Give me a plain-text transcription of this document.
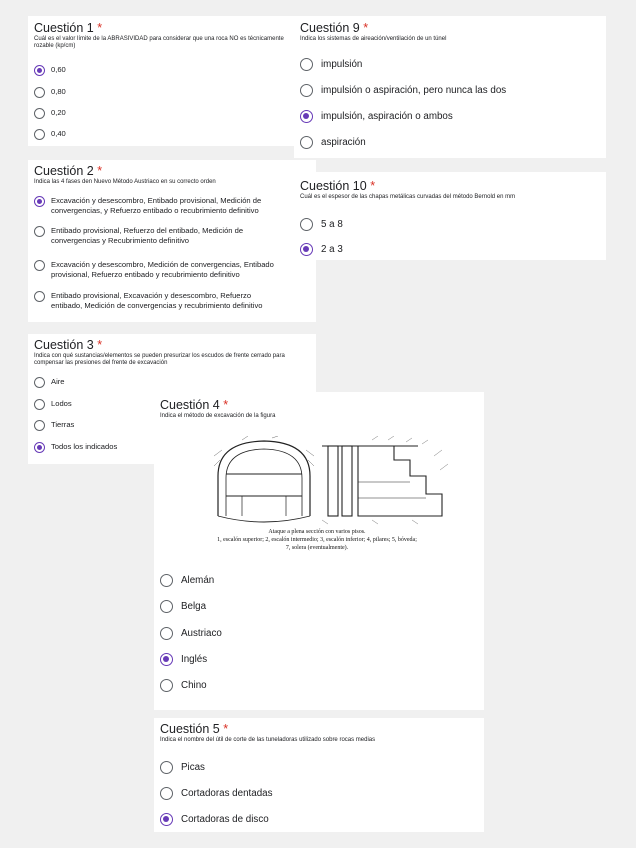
Cuestión 1 *
Cuál es el valor límite de la ABRASIVIDAD para considerar que una roca NO es técnicamente rozable (kp/cm)
0,60
0,80
0,20
0,40
Cuestión 2 *
Indica las 4 fases den Nuevo Método Austriaco en su correcto orden
Excavación y desescombro, Entibado provisional, Medición de
convergencias, y Refuerzo entibado o recubrimiento definitivo
Entibado provisional, Refuerzo del entibado, Medición de
convergencias y Recubrimiento definitivo
Excavación y desescombro, Medición de convergencias, Entibado
provisional, Refuerzo entibado y recubrimiento definitivo
Entibado provisional, Excavación y desescombro, Refuerzo
entibado, Medición de convergencias y recubrimiento definitivo
Cuestión 3 *
Indica con qué sustancias/elementos se pueden presurizar los escudos de frente cerrado para compensar las presiones del frente de excavación
Aire
Lodos
Tierras
Todos los indicados
Cuestión 9 *
Indica los sistemas de aireación/ventilación de un túnel
impulsión
impulsión o aspiración, pero nunca las dos
impulsión, aspiración o ambos
aspiración
Cuestión 10 *
Cuál es el espesor de las chapas metálicas curvadas del método Bernold en mm
5 a 8
2 a 3
Cuestión 4 *
Indica el método de excavación de la figura
Ataque a plena sección con varios pisos.
1, escalón superior; 2, escalón intermedio; 3, escalón inferior; 4, pilares; 5, bóveda;
7, solera (eventualmente).
Alemán
Belga
Austriaco
Inglés
Chino
Cuestión 5 *
Indica el nombre del útil de corte de las tuneladoras utilizado sobre rocas medias
Picas
Cortadoras dentadas
Cortadoras de disco
